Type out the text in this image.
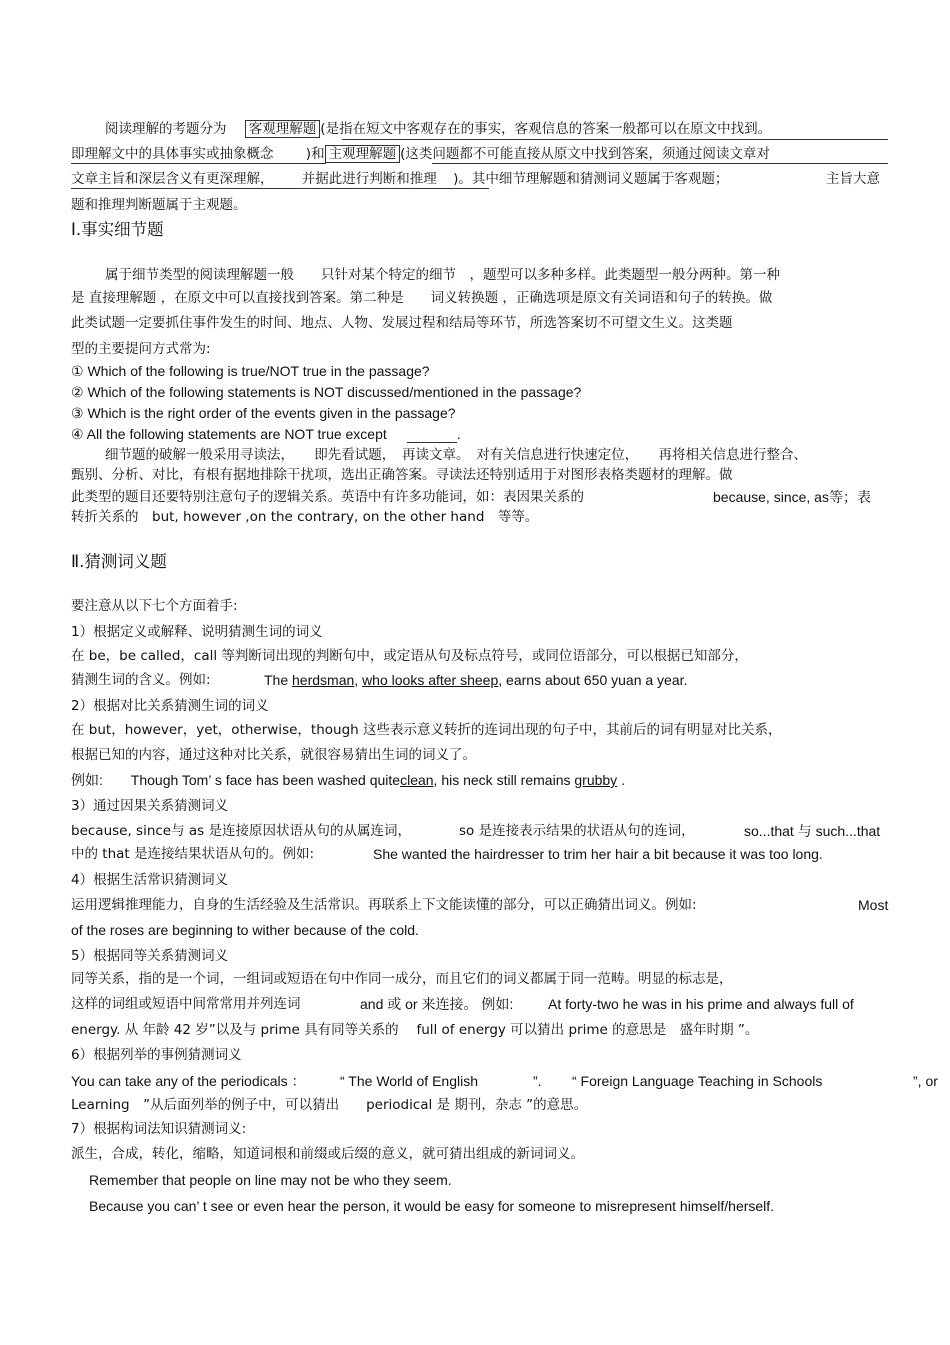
阅读理解的考题分为 客观理解题 (是指在短文中客观存在的事实，客观信息的答案一般都可以在原文中找到。
即理解文中的具体事实或抽象概念 )和 主观理解题 (这类问题都不可能直接从原文中找到答案，须通过阅读文章对
文章主旨和深层含义有更深理解， 并据此进行判断和推理 )。其中细节理解题和猜测词义题属于客观题；	主旨大意
题和推理判断题属于主观题。
Ⅰ.事实细节题
属于细节类型的阅读理解题一般　　只针对某个特定的细节　，题型可以多种多样。此类题型一般分两种。第一种
是 直接理解题 ，在原文中可以直接找到答案。第二种是　　词义转换题 ，正确选项是原文有关词语和句子的转换。做
此类试题一定要抓住事件发生的时间、地点、人物、发展过程和结局等环节，所选答案切不可望文生义。这类题
型的主要提问方式常为:
① Which of the following is true/NOT true in the passage?
② Which of the following statements is NOT discussed/mentioned in the passage?
③ Which is the right order of the events given in the passage?
④ All the following statements are NOT true except	.
细节题的破解一般采用寻读法，　　即先看试题，　再读文章。　对有关信息进行快速定位，　　再将相关信息进行整合、
甄别、分析、对比，有根有据地排除干扰项，选出正确答案。寻读法还特别适用于对图形表格类题材的理解。做
此类型的题目还要特别注意句子的逻辑关系。英语中有许多功能词，如：表因果关系的	because, since, as等；表
转折关系的　but, however ,on the contrary, on the other hand　等等。
Ⅱ.猜测词义题
要注意从以下七个方面着手:
1）根据定义或解释、说明猜测生词的词义
在 be，be called，call 等判断词出现的判断句中，或定语从句及标点符号，或同位语部分，可以根据已知部分，
猜测生词的含义。例如:	The herdsman, who looks after sheep, earns about 650 yuan a year.
2）根据对比关系猜测生词的词义
在 but，however，yet，otherwise，though 这些表示意义转折的连词出现的句子中，其前后的词有明显对比关系，
根据已知的内容，通过这种对比关系，就很容易猜出生词的词义了。
例如: Though Tom’ s face has been washed quiteclean, his neck still remains grubby .
3）通过因果关系猜测词义
because, since与 as 是连接原因状语从句的从属连词，	so 是连接表示结果的状语从句的连词，	so...that 与 such...that
中的 that 是连接结果状语从句的。例如:	She wanted the hairdresser to trim her hair a bit because it was too long.
4）根据生活常识猜测词义
运用逻辑推理能力，自身的生活经验及生活常识。再联系上下文能读懂的部分，可以正确猜出词义。例如:	Most
of the roses are beginning to wither because of the cold.
5）根据同等关系猜测词义
同等关系，指的是一个词，一组词或短语在句中作同一成分，而且它们的词义都属于同一范畴。明显的标志是，
这样的词组或短语中间常常用并列连词	and 或 or 来连接。 例如: At forty-two he was in his prime and always full of
energy. 从 年龄 42 岁”以及与 prime 具有同等关系的　 full of energy 可以猜出 prime 的意思是　盛年时期 ”。
6）根据列举的事例猜测词义
You can take any of the periodicals ： “ The World of English	”. “ Foreign Language Teaching in Schools	”, or
Learning　”从后面列举的例子中，可以猜出　　periodical 是 期刊，杂志 ”的意思。
7）根据构词法知识猜测词义:
派生，合成，转化，缩略，知道词根和前缀或后缀的意义，就可猜出组成的新词词义。
Remember that people on line may not be who they seem.
Because you can’ t see or even hear the person, it would be easy for someone to misrepresent himself/herself.
